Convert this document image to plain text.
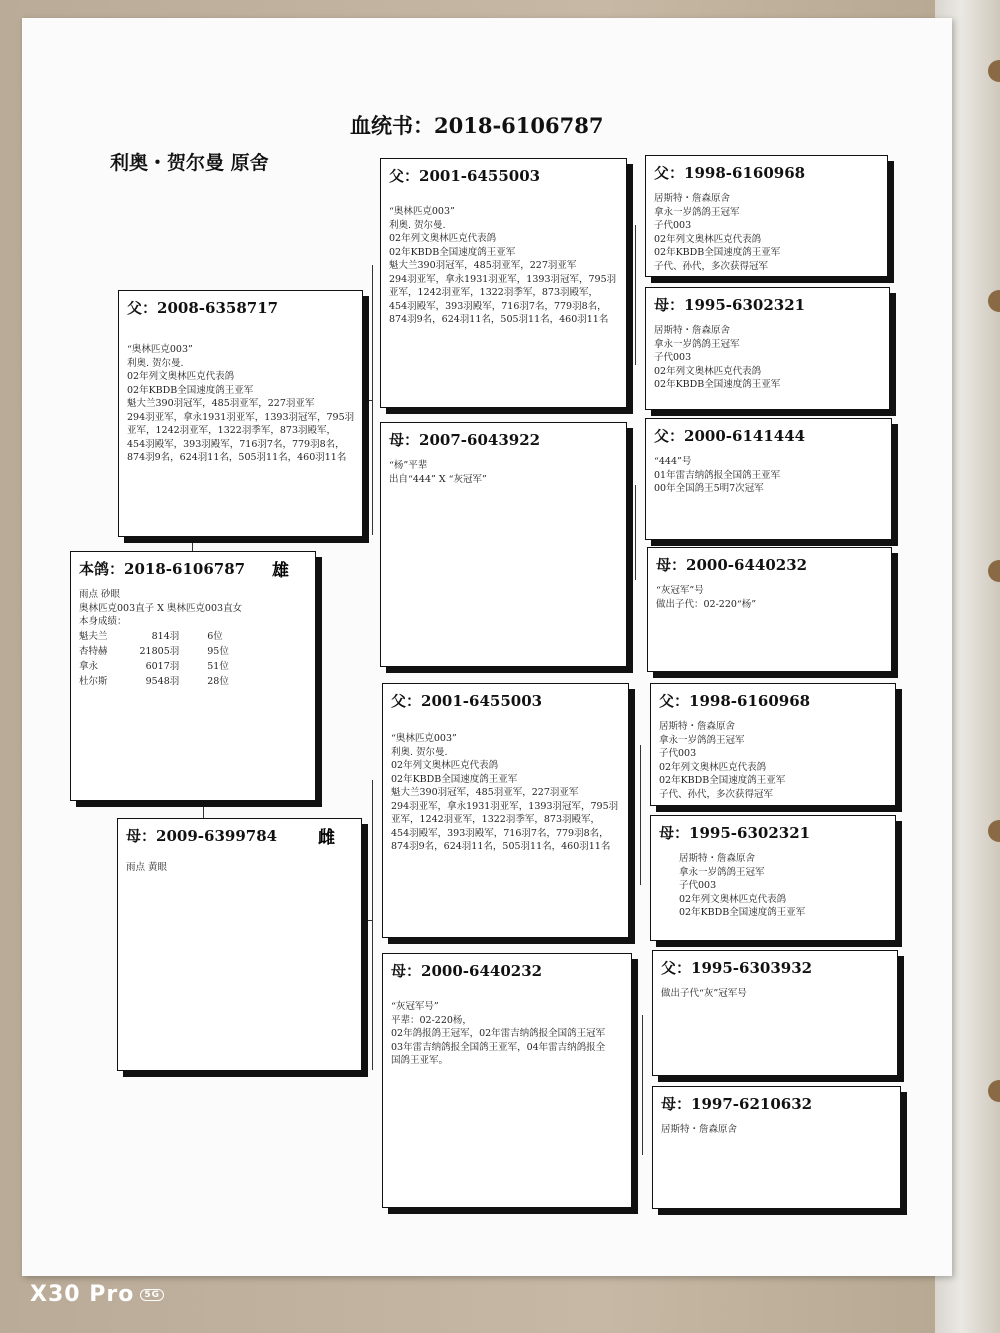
血统书：2018-6106787
利奥・贺尔曼 原舍
本鸽：2018-6106787	雄
雨点 砂眼
奥林匹克003直子 X 奥林匹克003直女
本身成绩：
魁夫兰	814羽	6位
杏特赫	21805羽	95位
拿永	6017羽	51位
杜尔斯	9548羽	28位
父：2008-6358717
“奥林匹克003”
利奥. 贺尔曼.
02年列文奥林匹克代表鸽
02年KBDB全国速度鸽王亚军
魁大兰390羽冠军，485羽亚军，227羽亚军
294羽亚军，拿永1931羽亚军，1393羽冠军，795羽
亚军，1242羽亚军，1322羽季军，873羽殿军，
454羽殿军，393羽殿军，716羽7名，779羽8名，
874羽9名，624羽11名，505羽11名，460羽11名
母：2009-6399784	雌
雨点 黄眼
父：2001-6455003
“奥林匹克003”
利奥. 贺尔曼.
02年列文奥林匹克代表鸽
02年KBDB全国速度鸽王亚军
魁大兰390羽冠军，485羽亚军，227羽亚军
294羽亚军，拿永1931羽亚军，1393羽冠军，795羽
亚军，1242羽亚军，1322羽季军，873羽殿军，
454羽殿军，393羽殿军，716羽7名，779羽8名，
874羽9名，624羽11名，505羽11名，460羽11名
母：2007-6043922
“杨”平辈
出自“444” X “灰冠军”
父：2001-6455003
“奥林匹克003”
利奥. 贺尔曼.
02年列文奥林匹克代表鸽
02年KBDB全国速度鸽王亚军
魁大兰390羽冠军，485羽亚军，227羽亚军
294羽亚军，拿永1931羽亚军，1393羽冠军，795羽
亚军，1242羽亚军，1322羽季军，873羽殿军，
454羽殿军，393羽殿军，716羽7名，779羽8名，
874羽9名，624羽11名，505羽11名，460羽11名
母：2000-6440232
“灰冠军号”
平辈：02-220杨，
02年鸽报鸽王冠军，02年雷吉纳鸽报全国鸽王冠军
03年雷吉纳鸽报全国鸽王亚军，04年雷吉纳鸽报全
国鸽王亚军。
父：1998-6160968
居斯特・詹森原舍
拿永一岁鸽鸽王冠军
子代003
02年列文奥林匹克代表鸽
02年KBDB全国速度鸽王亚军
子代、孙代，多次获得冠军
母：1995-6302321
居斯特・詹森原舍
拿永一岁鸽鸽王冠军
子代003
02年列文奥林匹克代表鸽
02年KBDB全国速度鸽王亚军
父：2000-6141444
“444”号
01年雷吉纳鸽报全国鸽王亚军
00年全国鸽王5明7次冠军
母：2000-6440232
“灰冠军”号
做出子代：02-220“杨”
父：1998-6160968
居斯特・詹森原舍
拿永一岁鸽鸽王冠军
子代003
02年列文奥林匹克代表鸽
02年KBDB全国速度鸽王亚军
子代、孙代，多次获得冠军
母：1995-6302321
居斯特・詹森原舍
拿永一岁鸽鸽王冠军
子代003
02年列文奥林匹克代表鸽
02年KBDB全国速度鸽王亚军
父：1995-6303932
做出子代“灰”冠军号
母：1997-6210632
居斯特・詹森原舍
X30 Pro 5G
